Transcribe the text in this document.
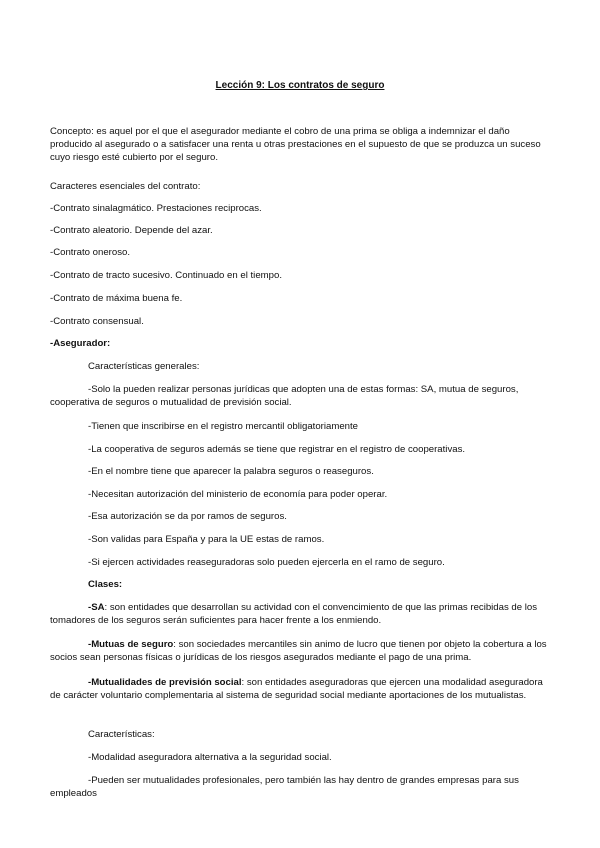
Lección 9: Los contratos de seguro

Concepto: es aquel por el que el asegurador mediante el cobro de una prima se obliga a indemnizar el daño producido al asegurado o a satisfacer una renta u otras prestaciones en el supuesto de que se produzca un suceso cuyo riesgo esté cubierto por el seguro.

Caracteres esenciales del contrato:

-Contrato sinalagmático. Prestaciones reciprocas.

-Contrato aleatorio. Depende del azar.

-Contrato oneroso.

-Contrato de tracto sucesivo. Continuado en el tiempo.

-Contrato de máxima buena fe.

-Contrato consensual.

-Asegurador:

Características generales:

-Solo la pueden realizar personas jurídicas que adopten una de estas formas: SA, mutua de seguros, cooperativa de seguros o mutualidad de previsión social.

-Tienen que inscribirse en el registro mercantil obligatoriamente

-La cooperativa de seguros además se tiene que registrar en el registro de cooperativas.

-En el nombre tiene que aparecer la palabra seguros o reaseguros.

-Necesitan autorización del ministerio de economía para poder operar.

-Esa autorización se da por ramos de seguros.

-Son validas para España y para la UE estas de ramos.

-Si ejercen actividades reaseguradoras solo pueden ejercerla en el ramo de seguro.

Clases:

-SA: son entidades que desarrollan su actividad con el convencimiento de que las primas recibidas de los tomadores de los seguros serán suficientes para hacer frente a los enmiendo.

-Mutuas de seguro: son sociedades mercantiles sin animo de lucro que tienen por objeto la cobertura a los socios sean personas físicas o jurídicas de los riesgos asegurados mediante el pago de una prima.

-Mutualidades de previsión social: son entidades aseguradoras que ejercen una modalidad aseguradora de carácter voluntario complementaria al sistema de seguridad social mediante aportaciones de los mutualistas.

Características:

-Modalidad aseguradora alternativa a la seguridad social.

-Pueden ser mutualidades profesionales, pero también las hay dentro de grandes empresas para sus empleados
